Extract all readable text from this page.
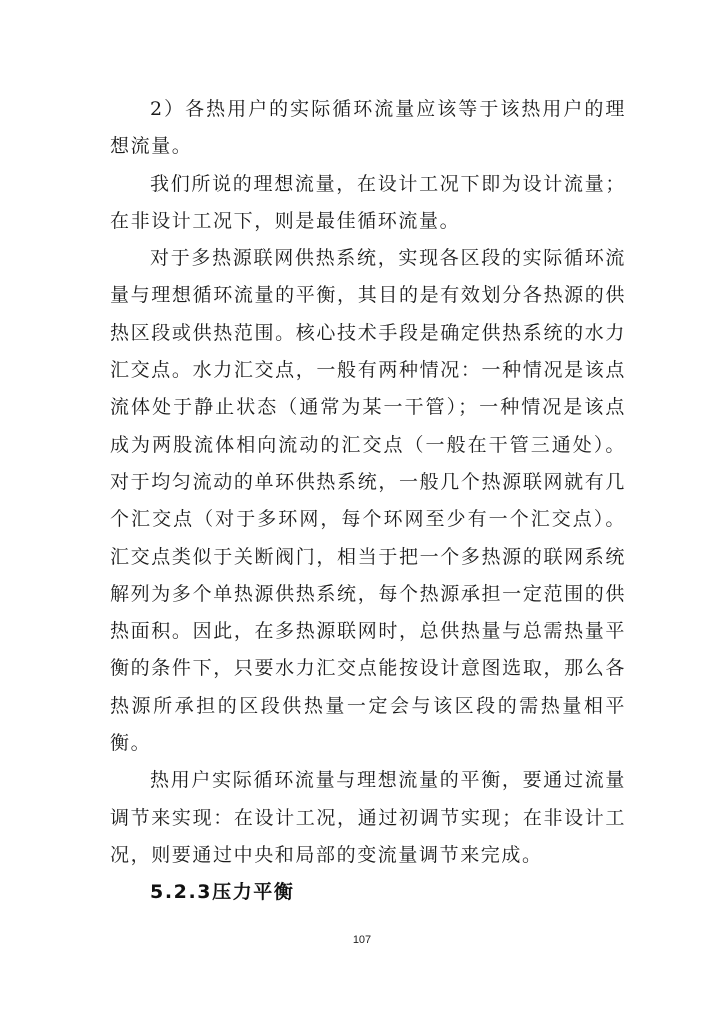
2）各热用户的实际循环流量应该等于该热用户的理想流量。

我们所说的理想流量，在设计工况下即为设计流量；在非设计工况下，则是最佳循环流量。

对于多热源联网供热系统，实现各区段的实际循环流量与理想循环流量的平衡，其目的是有效划分各热源的供热区段或供热范围。核心技术手段是确定供热系统的水力汇交点。水力汇交点，一般有两种情况：一种情况是该点流体处于静止状态（通常为某一干管）；一种情况是该点成为两股流体相向流动的汇交点（一般在干管三通处）。对于均匀流动的单环供热系统，一般几个热源联网就有几个汇交点（对于多环网，每个环网至少有一个汇交点）。汇交点类似于关断阀门，相当于把一个多热源的联网系统解列为多个单热源供热系统，每个热源承担一定范围的供热面积。因此，在多热源联网时，总供热量与总需热量平衡的条件下，只要水力汇交点能按设计意图选取，那么各热源所承担的区段供热量一定会与该区段的需热量相平衡。

热用户实际循环流量与理想流量的平衡，要通过流量调节来实现：在设计工况，通过初调节实现；在非设计工况，则要通过中央和局部的变流量调节来完成。

5.2.3压力平衡

107
